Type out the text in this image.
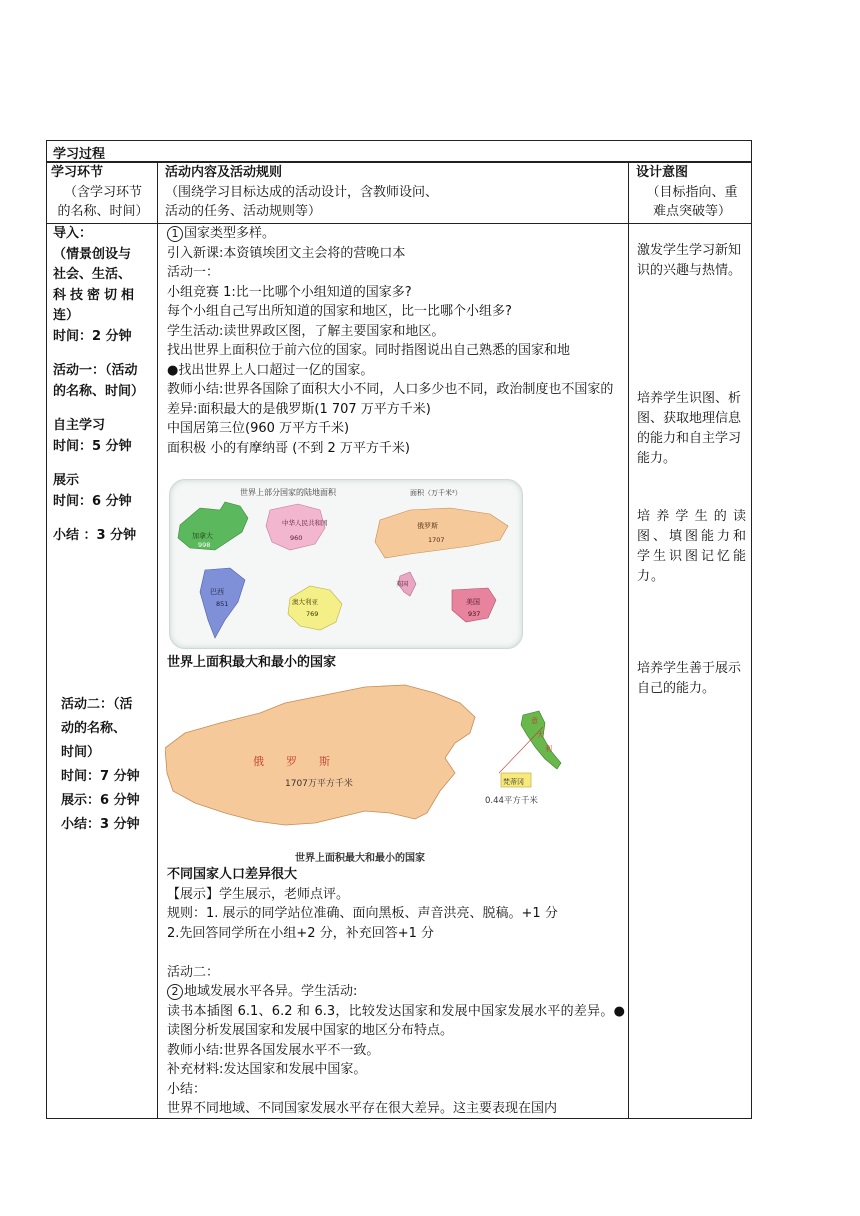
学习过程

学习环节

（含学习环节

的名称、时间）

活动内容及活动规则

（围绕学习目标达成的活动设计，含教师设问、

活动的任务、活动规则等）

设计意图

（目标指向、重

难点突破等）

导入：

（情景创设与

社会、生活、

科技密切相

连）

时间：2 分钟

活动一：（活动

的名称、时间）

自主学习

时间：5 分钟

展示

时间：6 分钟

小结 ：3 分钟

活动二：（活

动的名称、

时间）

时间：7 分钟

展示：6 分钟

小结：3 分钟

1 国家类型多样。

引入新课:本资镇埃团文主会将的营晚口本

活动一：

小组竞赛 1:比一比哪个小组知道的国家多?

每个小组自己写出所知道的国家和地区，比一比哪个小组多?

学生活动:读世界政区图，了解主要国家和地区。

找出世界上面积位于前六位的国家。同时指图说出自己熟悉的国家和地

●找出世界上人口超过一亿的国家。

教师小结:世界各国除了面积大小不同，人口多少也不同，政治制度也不国家的差异:面积最大的是俄罗斯(1 707 万平方千米)

中国居第三位(960 万平方千米)

面积极 小的有摩纳哥 (不到 2 万平方千米)

世界上部分国家的陆地面积	面积（万千米²）
加拿大
998
中华人民共和国
960
俄罗斯
1707
巴西
851	澳大利亚
769
英国
美国
937

世界上面积最大和最小的国家

俄　　罗　　斯
1707万平方千米
意
大
利
梵蒂冈
0.44平方千米
世界上面积最大和最小的国家

不同国家人口差异很大

【展示】学生展示，老师点评。

规则：1. 展示的同学站位准确、面向黑板、声音洪亮、脱稿。+1 分

2.先回答同学所在小组+2 分，补充回答+1 分

活动二：

2 地域发展水平各异。学生活动:

读书本插图 6.1、6.2 和 6.3，比较发达国家和发展中国家发展水平的差异。●读图分析发展国家和发展中国家的地区分布特点。

教师小结:世界各国发展水平不一致。

补充材料:发达国家和发展中国家。

小结：

世界不同地域、不同国家发展水平存在很大差异。这主要表现在国内

激发学生学习新知识的兴趣与热情。
培养学生识图、析图、获取地理信息的能力和自主学习能力。
培养学生的读图、填图能力和学生识图记忆能力。
培养学生善于展示自己的能力。
